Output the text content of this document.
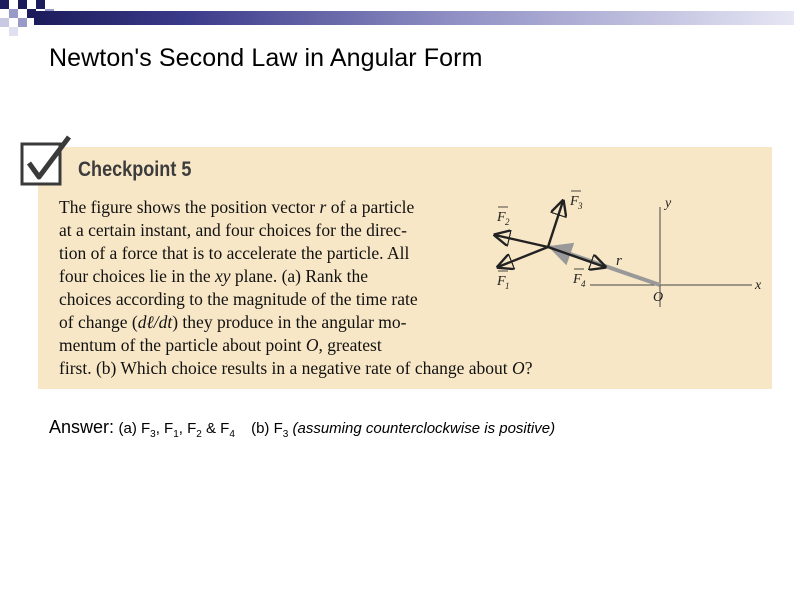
Newton's Second Law in Angular Form
Checkpoint 5
The figure shows the position vector r of a particle
at a certain instant, and four choices for the direc-
tion of a force that is to accelerate the particle. All
four choices lie in the xy plane. (a) Rank the
choices according to the magnitude of the time rate
of change (dℓ/dt) they produce in the angular mo-
mentum of the particle about point O, greatest
first. (b) Which choice results in a negative rate of change about O?
y
x
O
r
F 2
F 1
F 3
F 4
Answer: (a) $F_3$, $F_1$, $F_2$ & $F_4$ (b) $F_3$ (assuming counterclockwise is positive)
